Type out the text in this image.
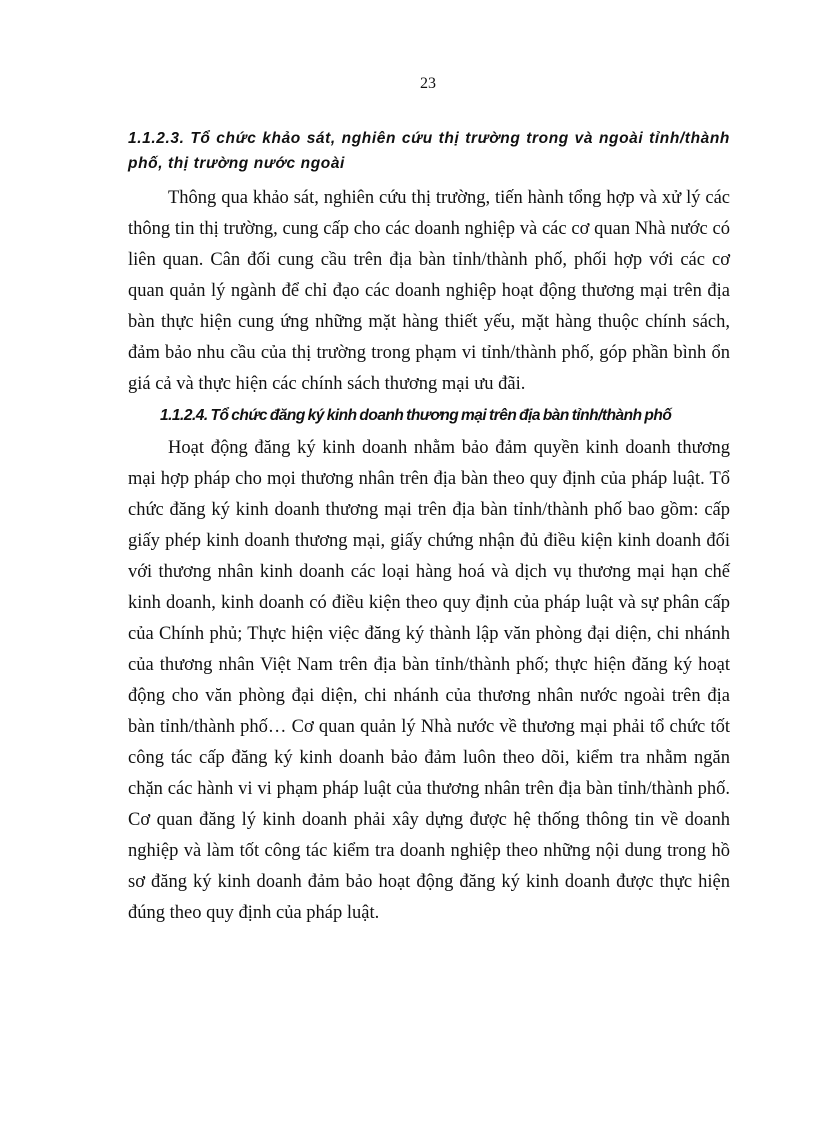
23
1.1.2.3. Tổ chức khảo sát, nghiên cứu thị trường trong và ngoài tỉnh/thành phố, thị trường nước ngoài

Thông qua khảo sát, nghiên cứu thị trường, tiến hành tổng hợp và xử lý các thông tin thị trường, cung cấp cho các doanh nghiệp và các cơ quan Nhà nước có liên quan. Cân đối cung cầu trên địa bàn tỉnh/thành phố, phối hợp với các cơ quan quản lý ngành để chỉ đạo các doanh nghiệp hoạt động thương mại trên địa bàn thực hiện cung ứng những mặt hàng thiết yếu, mặt hàng thuộc chính sách, đảm bảo nhu cầu của thị trường trong phạm vi tỉnh/thành phố, góp phần bình ổn giá cả và thực hiện các chính sách thương mại ưu đãi.

1.1.2.4. Tổ chức đăng ký kinh doanh thương mại trên địa bàn tỉnh/thành phố

Hoạt động đăng ký kinh doanh nhằm bảo đảm quyền kinh doanh thương mại hợp pháp cho mọi thương nhân trên địa bàn theo quy định của pháp luật. Tổ chức đăng ký kinh doanh thương mại trên địa bàn tỉnh/thành phố bao gồm: cấp giấy phép kinh doanh thương mại, giấy chứng nhận đủ điều kiện kinh doanh đối với thương nhân kinh doanh các loại hàng hoá và dịch vụ thương mại hạn chế kinh doanh, kinh doanh có điều kiện theo quy định của pháp luật và sự phân cấp của Chính phủ; Thực hiện việc đăng ký thành lập văn phòng đại diện, chi nhánh của thương nhân Việt Nam trên địa bàn tỉnh/thành phố; thực hiện đăng ký hoạt động cho văn phòng đại diện, chi nhánh của thương nhân nước ngoài trên địa bàn tỉnh/thành phố… Cơ quan quản lý Nhà nước về thương mại phải tổ chức tốt công tác cấp đăng ký kinh doanh bảo đảm luôn theo dõi, kiểm tra nhằm ngăn chặn các hành vi vi phạm pháp luật của thương nhân trên địa bàn tỉnh/thành phố. Cơ quan đăng lý kinh doanh phải xây dựng được hệ thống thông tin về doanh nghiệp và làm tốt công tác kiểm tra doanh nghiệp theo những nội dung trong hồ sơ đăng ký kinh doanh đảm bảo hoạt động đăng ký kinh doanh được thực hiện đúng theo quy định của pháp luật.
